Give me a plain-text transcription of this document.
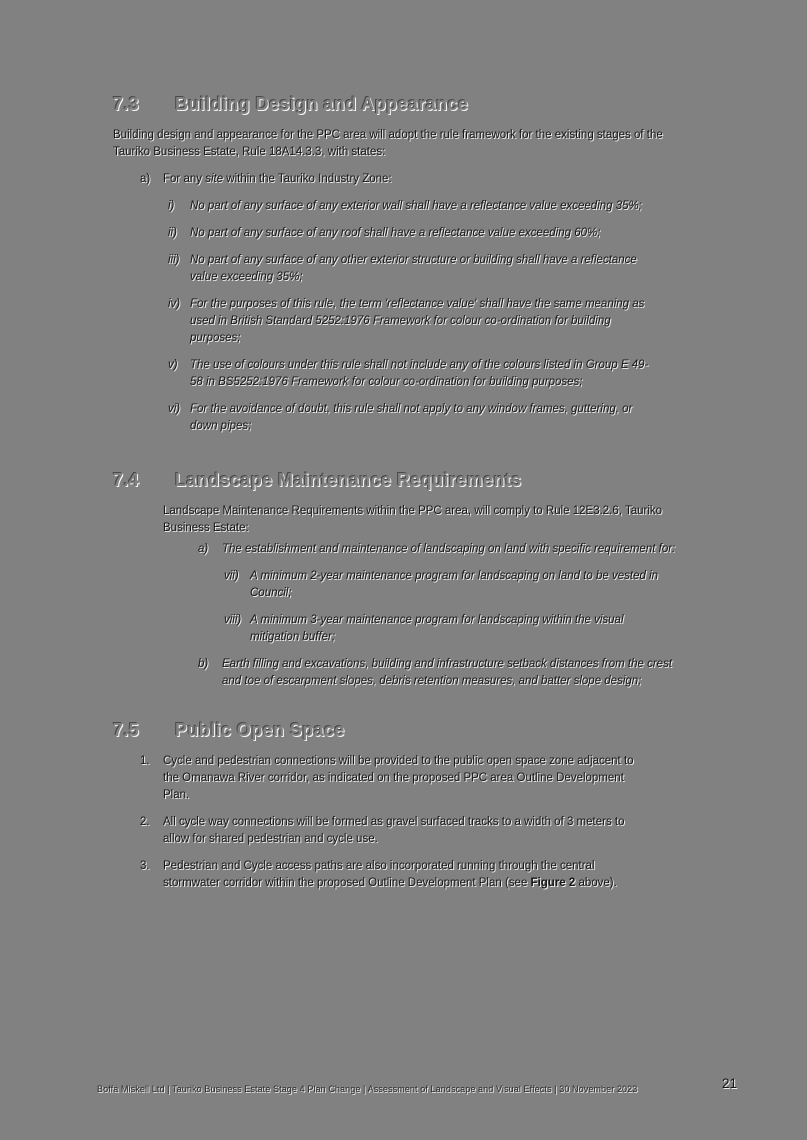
7.3	Building Design and Appearance

Building design and appearance for the PPC area will adopt the rule framework for the existing stages of the Tauriko Business Estate, Rule 18A14.3.3, with states:

a)	For any site within the Tauriko Industry Zone:
i)	No part of any surface of any exterior wall shall have a reflectance value exceeding 35%;
ii)	No part of any surface of any roof shall have a reflectance value exceeding 60%;
iii) No part of any surface of any other exterior structure or building shall have a reflectance value exceeding 35%;
iv) For the purposes of this rule, the term 'reflectance value' shall have the same meaning as used in British Standard 5252:1976 Framework for colour co-ordination for building purposes;
v)	The use of colours under this rule shall not include any of the colours listed in Group E 49-58 in BS5252:1976 Framework for colour co-ordination for building purposes;
vi) For the avoidance of doubt, this rule shall not apply to any window frames, guttering, or down pipes;
7.4	Landscape Maintenance Requirements

Landscape Maintenance Requirements within the PPC area, will comply to Rule 12E3.2.6, Tauriko Business Estate:

a)	The establishment and maintenance of landscaping on land with specific requirement for:
vii) A minimum 2-year maintenance program for landscaping on land to be vested in Council;
viii) A minimum 3-year maintenance program for landscaping within the visual mitigation buffer;
b)	Earth filling and excavations, building and infrastructure setback distances from the crest and toe of escarpment slopes, debris retention measures, and batter slope design;
7.5	Public Open Space
1.	Cycle and pedestrian connections will be provided to the public open space zone adjacent to the Omanawa River corridor, as indicated on the proposed PPC area Outline Development Plan.
2.	All cycle way connections will be formed as gravel surfaced tracks to a width of 3 meters to allow for shared pedestrian and cycle use.
3.	Pedestrian and Cycle access paths are also incorporated running through the central stormwater corridor within the proposed Outline Development Plan (see Figure 2 above).
Boffa Miskell Ltd | Tauriko Business Estate Stage 4 Plan Change | Assessment of Landscape and Visual Effects | 30 November 2023	21
